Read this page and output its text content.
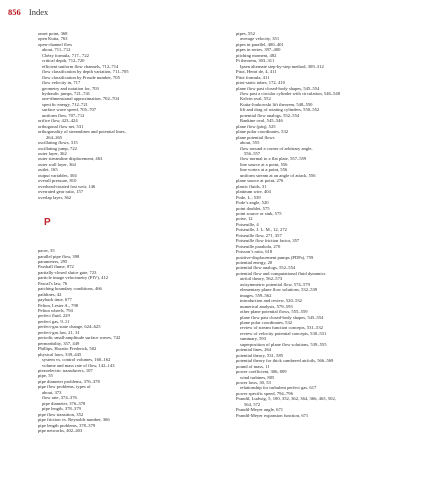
856 Index
onset point, 368
open Kutta, 763
open-channel flow
about, 711–712
Chézy formula, 717– 722
critical depth, 712–720
efficient uniform flow channels, 712–714
flow classification by depth variation, 711–705
flow classification by Froude number, 705
flow velocity in, 717
geometry and notation for, 703
hydraulic jumps, 721–741
one-dimensional approximation, 702–704
specific energy, 712–721
surface wave speed, 705–707
uniform flow, 707–712
orifice flow, 423–424
orthogonal flow net, 531
orthogonality of streamlines and potential lines,
264–265
oscillating flows, 315
oscillating jump, 722
outer layer, 362
outer streamline displacement, 463
outer wall layer, 364
outlet, 165
output variables, 304
overall pressure, 810
overhead-rotated fast weir, 146
overrated gear ratio, 157
overlap layer, 362
P
pacer, 35
parallel pipe flow, 398
parameters, 295
Parshall flume, 872
partially-closed sluice gate, 723
particle image velocimetry (PIV), 412
Pascal’s law, 76
patching boundary conditions, 466
pathlines, 42
payback time, 677
Pelton, Lester A., 798
Pelton wheels, 794
perfect fluid, 229
perfect gas, 9–11
perfect-gas state change, 624–625
perfect-gas law, 21, 31
periodic small-amplitude surface waves, 742
permeability, 357, 449
Phillips, Horatio Frederick, 502
physical laws, 339–445
system vs. control volumes, 160–162
volume and mass rate of flow, 142–143
piezoelectric transducers, 107
pipe, 55
pipe diameter problems, 376–378
pipe flow problems, types of
about, 373
flow rate, 374–376
pipe diameter, 376–378
pipe length, 378–379
pipe flow transition, 352
pipe friction vs. Reynolds number, 366
pipe length problems, 378–379
pipe networks, 402–403
pipes, 552
average velocity, 351
pipes in parallel, 400–401
pipes in series, 397–400
pitching moment, 482
Pi theorem, 303–311
Ipsen alternate step-by-step method, 309–312
Pitot, Henri de, 4, 411
Pitot formula, 411
pitot-static tubes, 172, 410
plane flow past closed-body shapes, 545–554
flow past a circular cylinder with circulation, 546–548
Kelvin oval, 552
Kutta-Joukowski lift theorem, 548–550
lift and drag of rotating cylinders, 550–552
potential flow analogs, 552–554
Rankine oval, 545–546
plane flow (päq), 525
plane polar coordinates, 532
plane potential flows
about, 555
flow around a corner of arbitrary angle,
556–557
flow normal to a flat plate, 557–559
line source at a point, 556
line vortex at a point, 556
uniform stream at an angle of attack, 556
plane source at point, 276
plastic fluids, 31
platinum wire, 404
Pode, L., 539
Pode’s angle, 520
point doublet, 575
point source or sink, 575
poise, 12
Poiseuille, 4
Poiseuille, J. L. M., 12, 272
Poiseuille flow, 271, 357
Poiseuille flow friction factor, 357
Poiseuille parabola, 270
Poisson’s ratio, 618
positive-displacement pumps (PDPs), 759
potential energy, 20
potential flow analogs, 552–554
potential flow and computational fluid dynamics
airfoil theory, 562–573
axisymmetric potential flow, 574–579
elementary plane flow solutions, 532–539
images, 559–562
introduction and review, 520–532
numerical analysis, 579–593
other plane potential flows, 555–559
plane flow past closed-body shapes, 545–554
plane polar coordinates, 532
review of stream function concepts, 531–532
review of velocity potential concepts, 530–531
summary, 593
superposition of plane flow solutions, 539–555
potential lines, 264
potential theory, 531, 585
potential theory for thick cambered airfoils, 566–569
pound of mass, 11
power coefficient, 306, 809
wind turbines, 805
power laws, 30, 53
relationship for turbulent perfect gas, 617
power specific speed, 794–796
Prandtl, Ludwig, 5, 100, 352, 362, 364, 366, 465, 502,
564, 572
Prandtl-Meyer angle, 671
Prandtl-Meyer expansion function, 671
